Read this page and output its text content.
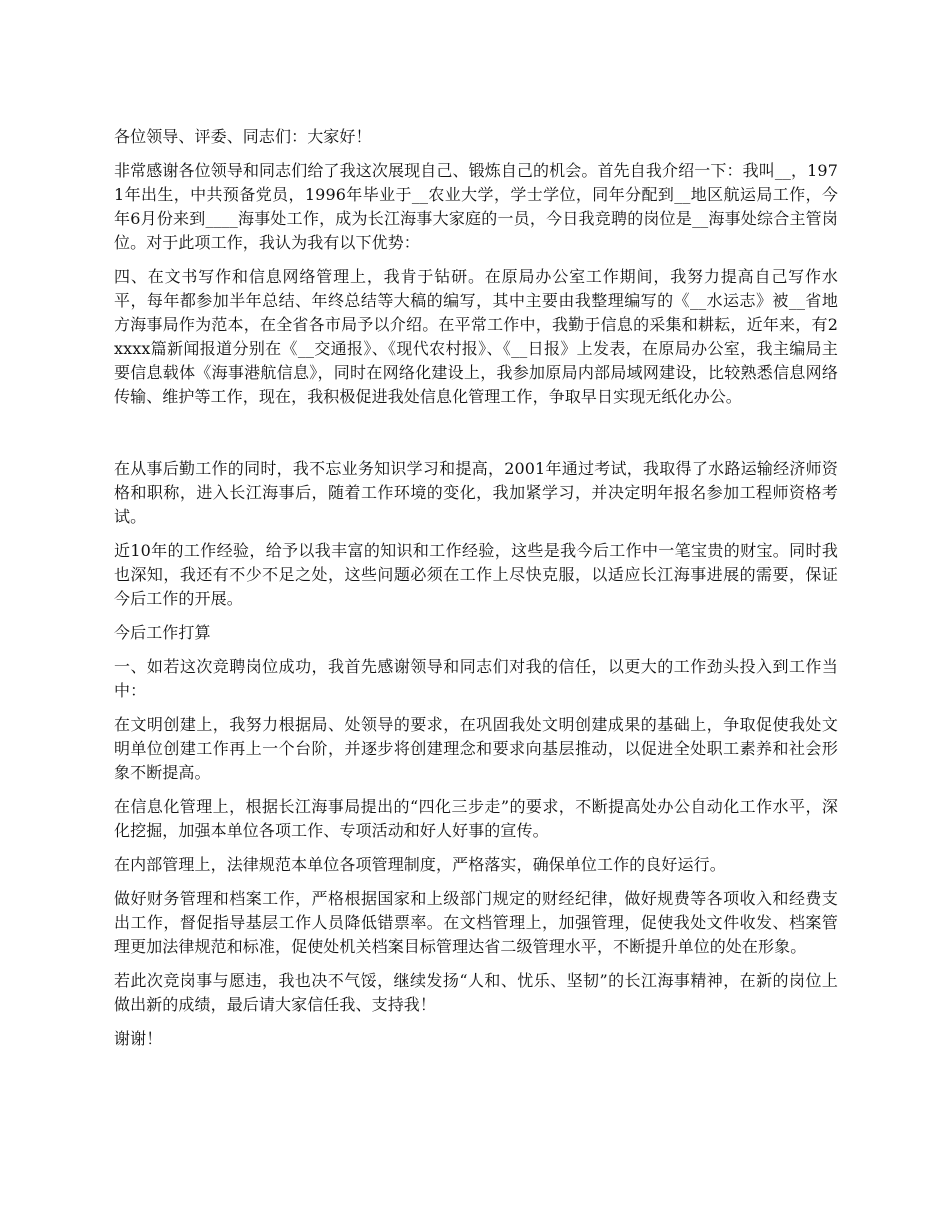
各位领导、评委、同志们：大家好！

非常感谢各位领导和同志们给了我这次展现自己、锻炼自己的机会。首先自我介绍一下：我叫__，1971年出生，中共预备党员，1996年毕业于__农业大学，学士学位，同年分配到__地区航运局工作，今年6月份来到____海事处工作，成为长江海事大家庭的一员，今日我竞聘的岗位是__海事处综合主管岗位。对于此项工作，我认为我有以下优势：

四、在文书写作和信息网络管理上，我肯于钻研。在原局办公室工作期间，我努力提高自己写作水平，每年都参加半年总结、年终总结等大稿的编写，其中主要由我整理编写的《__水运志》被__省地方海事局作为范本，在全省各市局予以介绍。在平常工作中，我勤于信息的采集和耕耘，近年来，有2xxxx篇新闻报道分别在《__交通报》、《现代农村报》、《__日报》上发表，在原局办公室，我主编局主要信息载体《海事港航信息》，同时在网络化建设上，我参加原局内部局域网建设，比较熟悉信息网络传输、维护等工作，现在，我积极促进我处信息化管理工作，争取早日实现无纸化办公。

在从事后勤工作的同时，我不忘业务知识学习和提高，2001年通过考试，我取得了水路运输经济师资格和职称，进入长江海事后，随着工作环境的变化，我加紧学习，并决定明年报名参加工程师资格考试。

近10年的工作经验，给予以我丰富的知识和工作经验，这些是我今后工作中一笔宝贵的财宝。同时我也深知，我还有不少不足之处，这些问题必须在工作上尽快克服，以适应长江海事进展的需要，保证今后工作的开展。

今后工作打算

一、如若这次竞聘岗位成功，我首先感谢领导和同志们对我的信任，以更大的工作劲头投入到工作当中：

在文明创建上，我努力根据局、处领导的要求，在巩固我处文明创建成果的基础上，争取促使我处文明单位创建工作再上一个台阶，并逐步将创建理念和要求向基层推动，以促进全处职工素养和社会形象不断提高。

在信息化管理上，根据长江海事局提出的“四化三步走”的要求，不断提高处办公自动化工作水平，深化挖掘，加强本单位各项工作、专项活动和好人好事的宣传。

在内部管理上，法律规范本单位各项管理制度，严格落实，确保单位工作的良好运行。

做好财务管理和档案工作，严格根据国家和上级部门规定的财经纪律，做好规费等各项收入和经费支出工作，督促指导基层工作人员降低错票率。在文档管理上，加强管理，促使我处文件收发、档案管理更加法律规范和标准，促使处机关档案目标管理达省二级管理水平，不断提升单位的处在形象。

若此次竞岗事与愿违，我也决不气馁，继续发扬“人和、忧乐、坚韧”的长江海事精神，在新的岗位上做出新的成绩，最后请大家信任我、支持我！

谢谢！
